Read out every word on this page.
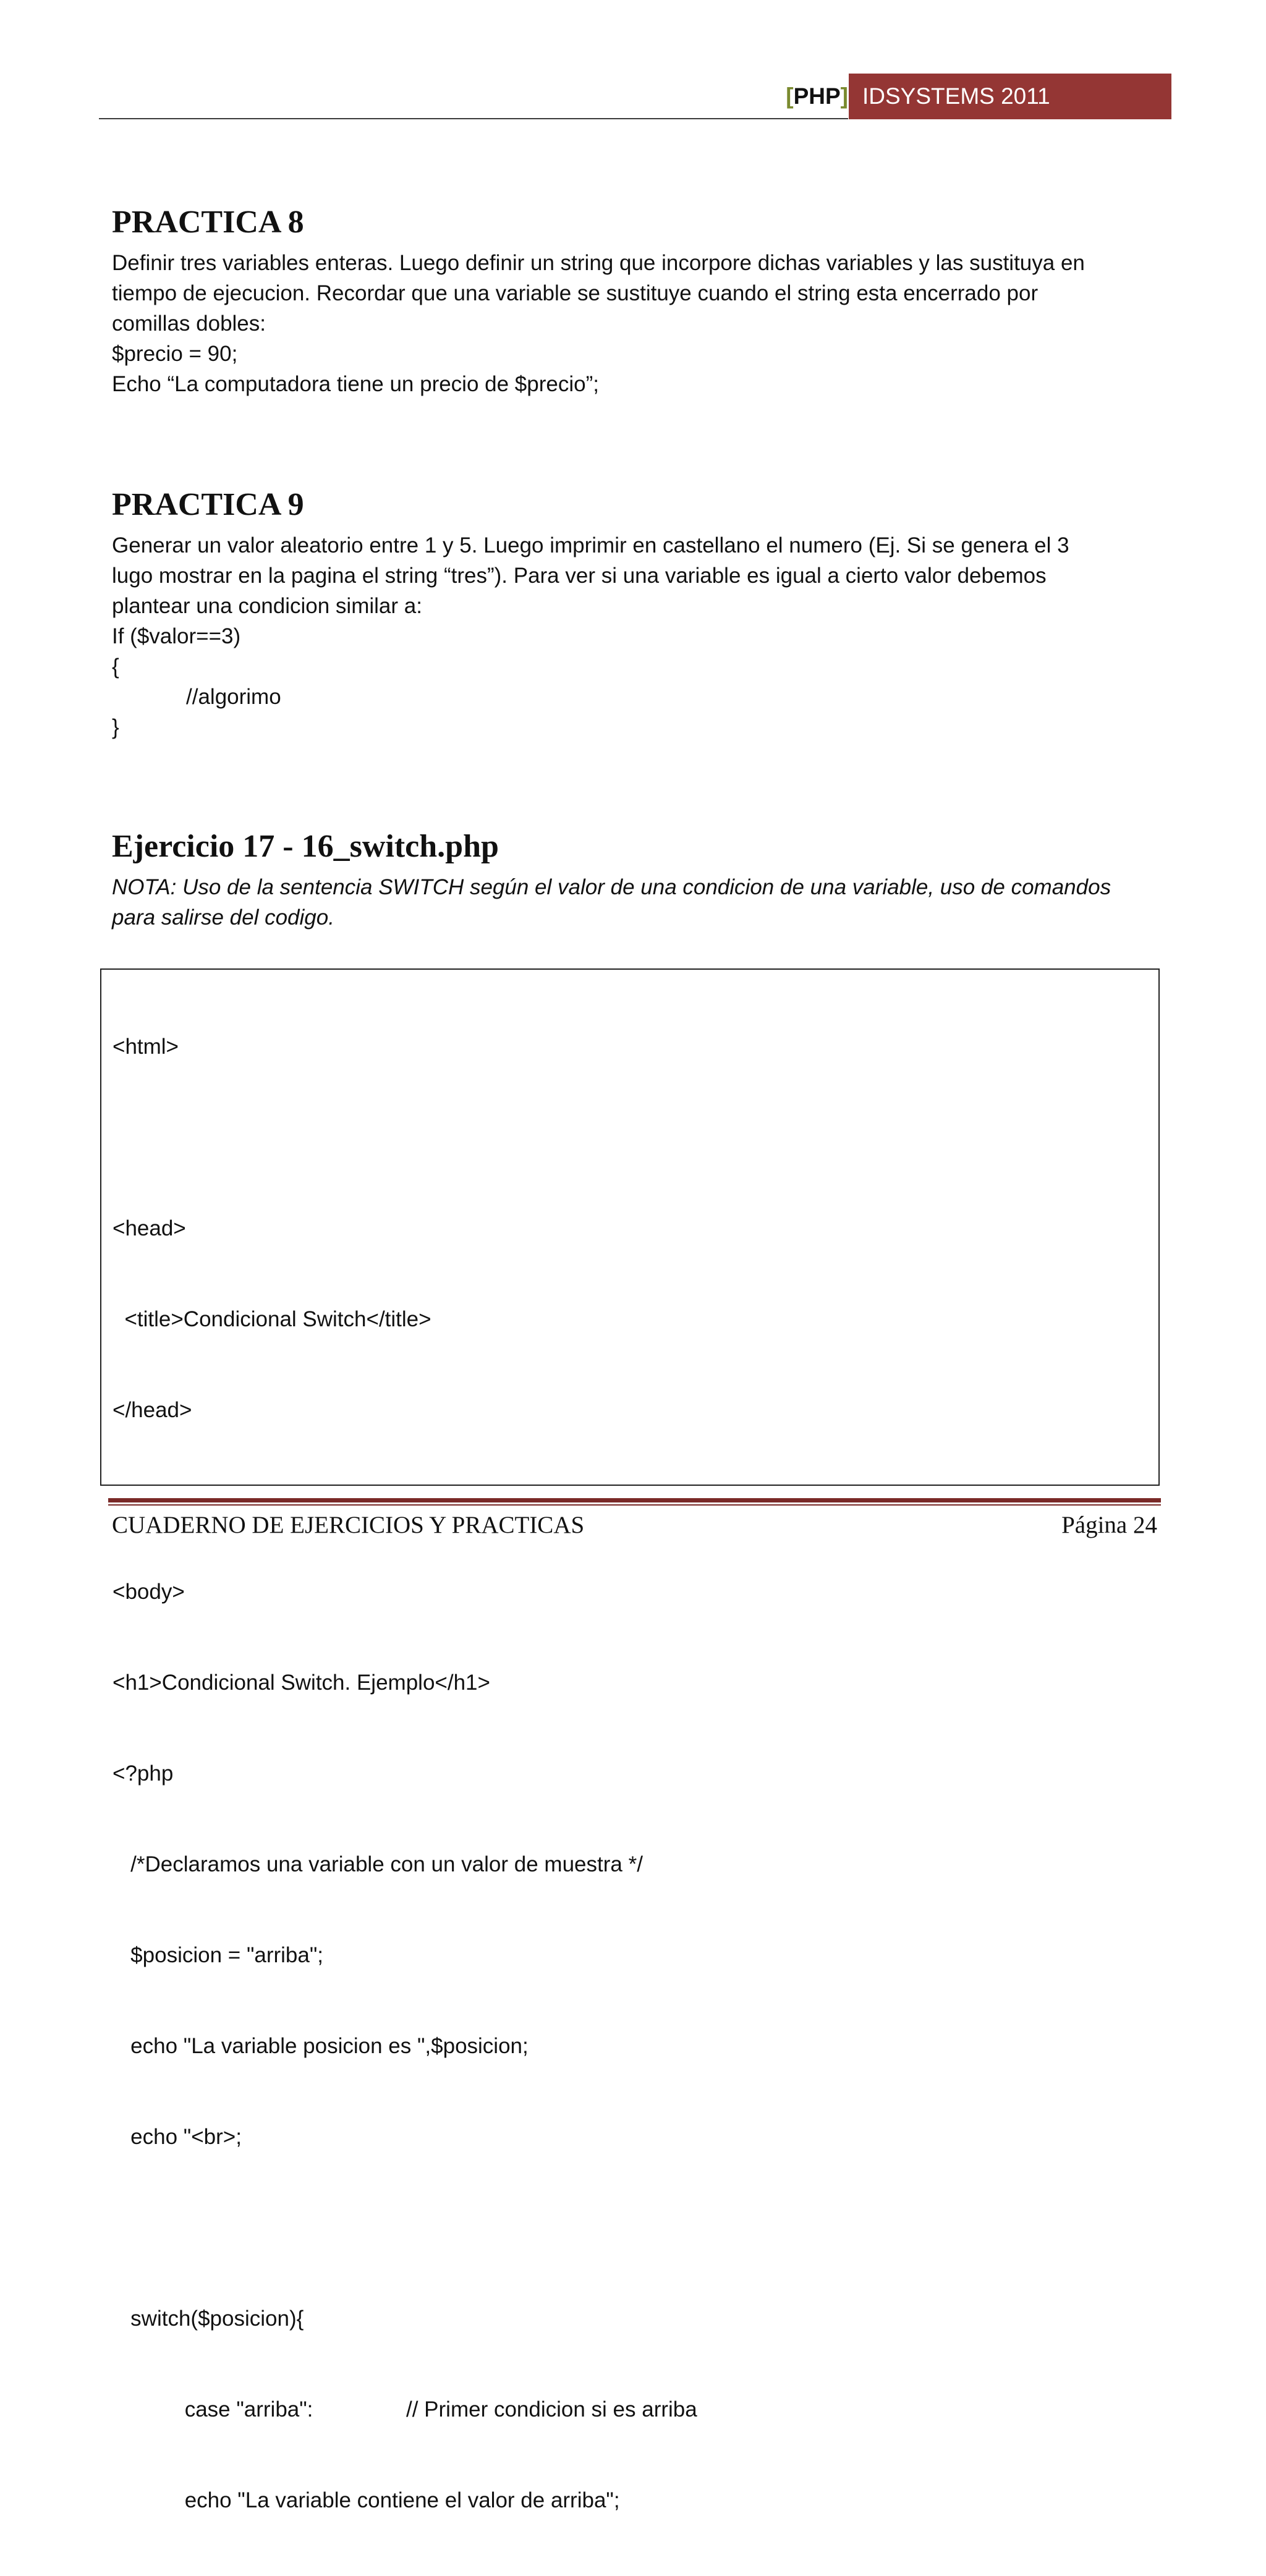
[PHP] IDSYSTEMS 2011
PRACTICA 8
Definir tres variables enteras. Luego definir un string que incorpore dichas variables y las sustituya en
tiempo de ejecucion. Recordar que una variable se sustituye cuando el string esta encerrado por
comillas dobles:
$precio = 90;
Echo “La computadora tiene un precio de $precio”;
PRACTICA 9
Generar un valor aleatorio entre 1 y 5. Luego imprimir en castellano el numero (Ej. Si se genera el 3
lugo mostrar en la pagina el string “tres”). Para ver si una variable es igual a cierto valor debemos
plantear una condicion similar a:
If ($valor==3)
{
//algorimo
}
Ejercicio 17 - 16_switch.php
NOTA: Uso de la sentencia SWITCH según el valor de una condicion de una variable, uso de comandos
para salirse del codigo.

<html>

<head>

<title>Condicional Switch</title>

</head>

<body>

<h1>Condicional Switch. Ejemplo</h1>

<?php

/*Declaramos una variable con un valor de muestra */

$posicion = "arriba";

echo "La variable posicion es ",$posicion;

echo "<br>;

switch($posicion){

case "arriba":	// Primer condicion si es arriba

echo "La variable contiene el valor de arriba";

CUADERNO DE EJERCICIOS Y PRACTICAS	Página 24
